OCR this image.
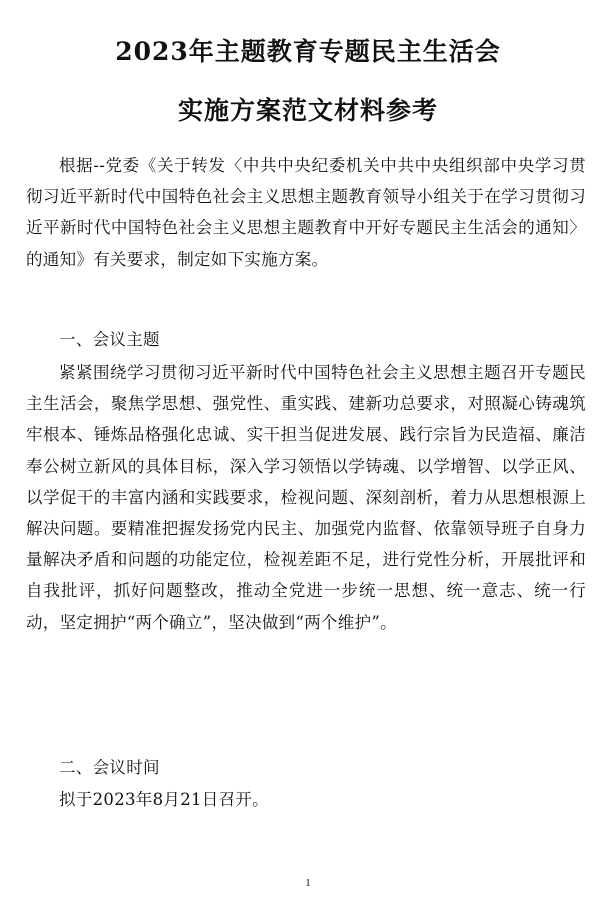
2023年主题教育专题民主生活会
实施方案范文材料参考

根据--党委《关于转发〈中共中央纪委机关中共中央组织部中央学习贯彻习近平新时代中国特色社会主义思想主题教育领导小组关于在学习贯彻习近平新时代中国特色社会主义思想主题教育中开好专题民主生活会的通知〉的通知》有关要求，制定如下实施方案。

一、会议主题

紧紧围绕学习贯彻习近平新时代中国特色社会主义思想主题召开专题民主生活会，聚焦学思想、强党性、重实践、建新功总要求，对照凝心铸魂筑牢根本、锤炼品格强化忠诚、实干担当促进发展、践行宗旨为民造福、廉洁奉公树立新风的具体目标，深入学习领悟以学铸魂、以学增智、以学正风、以学促干的丰富内涵和实践要求，检视问题、深刻剖析，着力从思想根源上解决问题。要精准把握发扬党内民主、加强党内监督、依靠领导班子自身力量解决矛盾和问题的功能定位，检视差距不足，进行党性分析，开展批评和自我批评，抓好问题整改，推动全党进一步统一思想、统一意志、统一行动，坚定拥护“两个确立”，坚决做到“两个维护”。

二、会议时间

拟于2023年8月21日召开。

1
